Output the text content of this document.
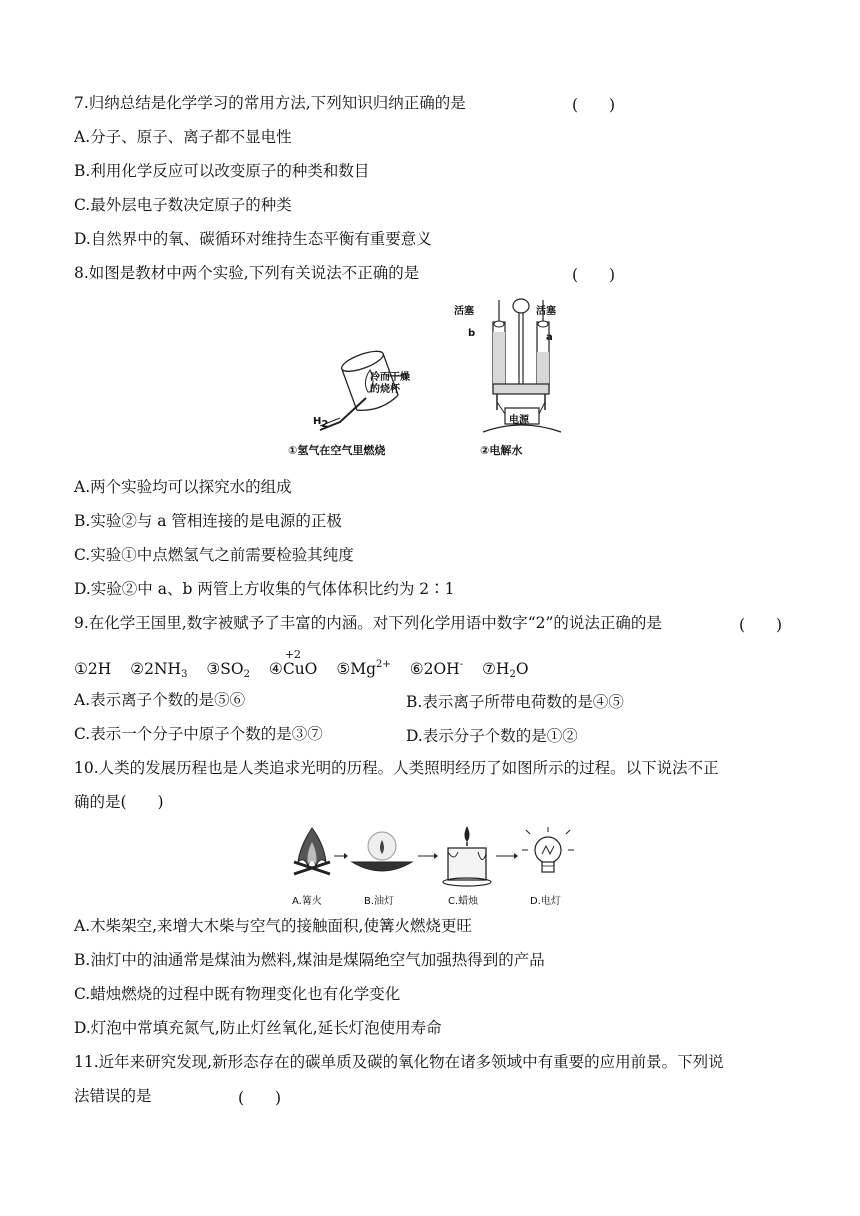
7.归纳总结是化学学习的常用方法,下列知识归纳正确的是	(　　)
A.分子、原子、离子都不显电性
B.利用化学反应可以改变原子的种类和数目
C.最外层电子数决定原子的种类
D.自然界中的氧、碳循环对维持生态平衡有重要意义
8.如图是教材中两个实验,下列有关说法不正确的是	(　　)
$H_2$
冷而干燥的烧杯
①氢气在空气里燃烧
活塞	活塞
b	a
电源
②电解水
A.两个实验均可以探究水的组成
B.实验②与 a 管相连接的是电源的正极
C.实验①中点燃氢气之前需要检验其纯度
D.实验②中 a、b 两管上方收集的气体体积比约为 2∶1
9.在化学王国里,数字被赋予了丰富的内涵。对下列化学用语中数字“2”的说法正确的是	(　　)
①2H $②2NH_3$ $③SO_2$ ④
+2
CuO $⑤Mg^{2+}$ ⑥2OH- $⑦H_2O$
A.表示离子个数的是⑤⑥	B.表示离子所带电荷数的是④⑤
C.表示一个分子中原子个数的是③⑦	D.表示分子个数的是①②
10.人类的发展历程也是人类追求光明的历程。人类照明经历了如图所示的过程。以下说法不正
确的是(　　)
A.篝火	B.油灯	C.蜡烛	D.电灯
A.木柴架空,来增大木柴与空气的接触面积,使篝火燃烧更旺
B.油灯中的油通常是煤油为燃料,煤油是煤隔绝空气加强热得到的产品
C.蜡烛燃烧的过程中既有物理变化也有化学变化
D.灯泡中常填充氮气,防止灯丝氧化,延长灯泡使用寿命
11.近年来研究发现,新形态存在的碳单质及碳的氧化物在诸多领域中有重要的应用前景。下列说
法错误的是	(　　)
